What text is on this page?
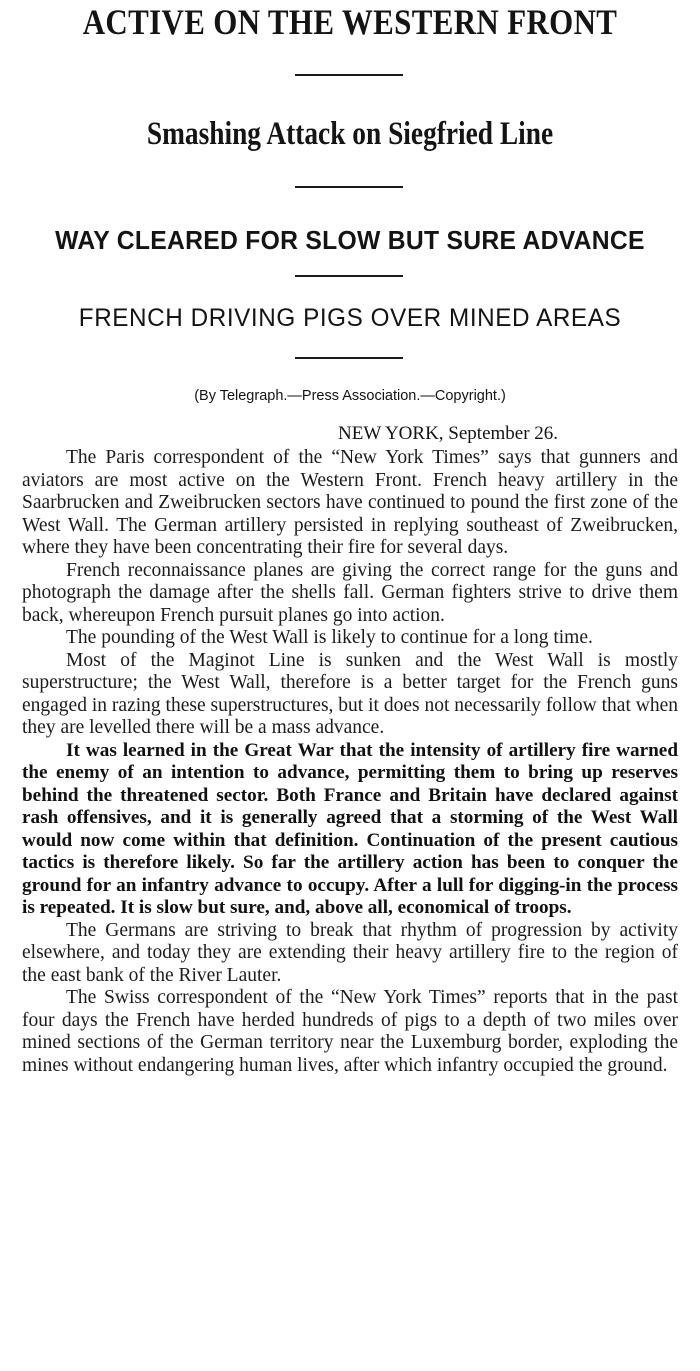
ACTIVE ON THE WESTERN FRONT
Smashing Attack on Siegfried Line
WAY CLEARED FOR SLOW BUT SURE ADVANCE
FRENCH DRIVING PIGS OVER MINED AREAS
(By Telegraph.—Press Association.—Copyright.)
NEW YORK, September 26.

The Paris correspondent of the “New York Times” says that gunners and aviators are most active on the Western Front. French heavy artillery in the Saarbrucken and Zweibrucken sectors have continued to pound the first zone of the West Wall. The German artillery persisted in replying southeast of Zweibrucken, where they have been concentrating their fire for several days.

French reconnaissance planes are giving the correct range for the guns and photograph the damage after the shells fall. German fighters strive to drive them back, whereupon French pursuit planes go into action.

The pounding of the West Wall is likely to continue for a long time.

Most of the Maginot Line is sunken and the West Wall is mostly superstructure; the West Wall, therefore is a better target for the French guns engaged in razing these superstructures, but it does not necessarily follow that when they are levelled there will be a mass advance.

It was learned in the Great War that the intensity of artillery fire warned the enemy of an intention to advance, permitting them to bring up reserves behind the threatened sector. Both France and Britain have declared against rash offensives, and it is generally agreed that a storming of the West Wall would now come within that definition. Continuation of the present cautious tactics is therefore likely. So far the artillery action has been to conquer the ground for an infantry advance to occupy. After a lull for digging-in the process is repeated. It is slow but sure, and, above all, economical of troops.

The Germans are striving to break that rhythm of progression by activity elsewhere, and today they are extending their heavy artillery fire to the region of the east bank of the River Lauter.

The Swiss correspondent of the “New York Times” reports that in the past four days the French have herded hundreds of pigs to a depth of two miles over mined sections of the German territory near the Luxemburg border, exploding the mines without endangering human lives, after which infantry occupied the ground.
